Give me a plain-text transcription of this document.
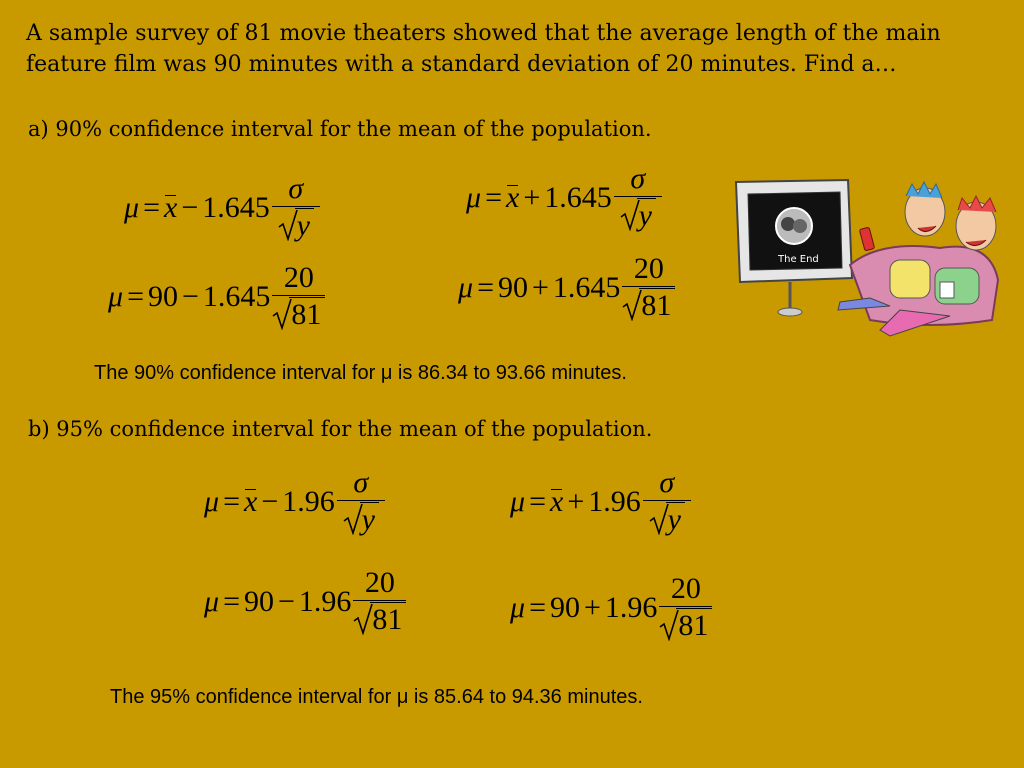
A sample survey of 81 movie theaters showed that the average length of the main feature film was 90 minutes with a standard deviation of 20 minutes. Find a…
a) 90% confidence interval for the mean of the population.
$\mu = x - 1.645 \frac{\sigma}{y}$	$\mu = x + 1.645 \frac{\sigma}{y}$
$\mu = 90 - 1.645 \frac{20}{81}$	$\mu = 90 + 1.645 \frac{20}{81}$
The 90% confidence interval for μ is 86.34 to 93.66 minutes.
b) 95% confidence interval for the mean of the population.
$\mu = x - 1.96 \frac{\sigma}{y}$	$\mu = x + 1.96 \frac{\sigma}{y}$
$\mu = 90 - 1.96 \frac{20}{81}$	$\mu = 90 + 1.96 \frac{20}{81}$
The 95% confidence interval for μ is 85.64 to 94.36 minutes.
The End
